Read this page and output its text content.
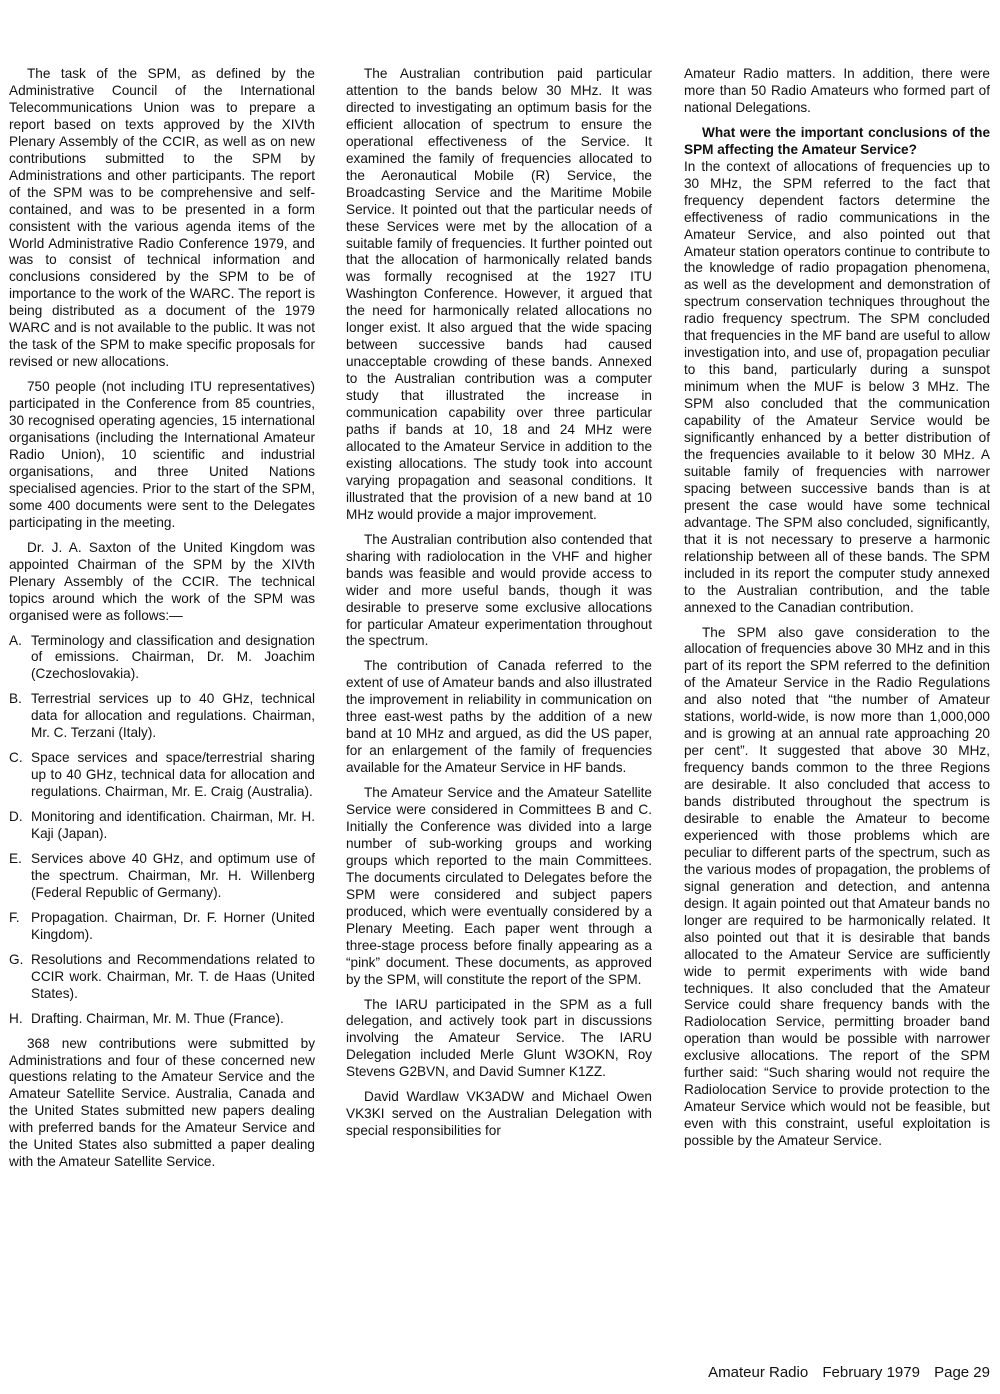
The task of the SPM, as defined by the Administrative Council of the International Telecommunications Union was to prepare a report based on texts approved by the XIVth Plenary Assembly of the CCIR, as well as on new contributions submitted to the SPM by Administrations and other participants. The report of the SPM was to be comprehensive and self-contained, and was to be presented in a form consistent with the various agenda items of the World Administrative Radio Conference 1979, and was to consist of technical information and conclusions considered by the SPM to be of importance to the work of the WARC. The report is being distributed as a document of the 1979 WARC and is not available to the public. It was not the task of the SPM to make specific proposals for revised or new allocations.

750 people (not including ITU representatives) participated in the Conference from 85 countries, 30 recognised operating agencies, 15 international organisations (including the International Amateur Radio Union), 10 scientific and industrial organisations, and three United Nations specialised agencies. Prior to the start of the SPM, some 400 documents were sent to the Delegates participating in the meeting.

Dr. J. A. Saxton of the United Kingdom was appointed Chairman of the SPM by the XIVth Plenary Assembly of the CCIR. The technical topics around which the work of the SPM was organised were as follows:—

A. Terminology and classification and designation of emissions. Chairman, Dr. M. Joachim (Czechoslovakia).
B. Terrestrial services up to 40 GHz, technical data for allocation and regulations. Chairman, Mr. C. Terzani (Italy).
C. Space services and space/terrestrial sharing up to 40 GHz, technical data for allocation and regulations. Chairman, Mr. E. Craig (Australia).
D. Monitoring and identification. Chairman, Mr. H. Kaji (Japan).
E. Services above 40 GHz, and optimum use of the spectrum. Chairman, Mr. H. Willenberg (Federal Republic of Germany).
F. Propagation. Chairman, Dr. F. Horner (United Kingdom).
G. Resolutions and Recommendations related to CCIR work. Chairman, Mr. T. de Haas (United States).
H. Drafting. Chairman, Mr. M. Thue (France).

368 new contributions were submitted by Administrations and four of these concerned new questions relating to the Amateur Service and the Amateur Satellite Service. Australia, Canada and the United States submitted new papers dealing with preferred bands for the Amateur Service and the United States also submitted a paper dealing with the Amateur Satellite Service.

The Australian contribution paid particular attention to the bands below 30 MHz. It was directed to investigating an optimum basis for the efficient allocation of spectrum to ensure the operational effectiveness of the Service. It examined the family of frequencies allocated to the Aeronautical Mobile (R) Service, the Broadcasting Service and the Maritime Mobile Service. It pointed out that the particular needs of these Services were met by the allocation of a suitable family of frequencies. It further pointed out that the allocation of harmonically related bands was formally recognised at the 1927 ITU Washington Conference. However, it argued that the need for harmonically related allocations no longer exist. It also argued that the wide spacing between successive bands had caused unacceptable crowding of these bands. Annexed to the Australian contribution was a computer study that illustrated the increase in communication capability over three particular paths if bands at 10, 18 and 24 MHz were allocated to the Amateur Service in addition to the existing allocations. The study took into account varying propagation and seasonal conditions. It illustrated that the provision of a new band at 10 MHz would provide a major improvement.

The Australian contribution also contended that sharing with radiolocation in the VHF and higher bands was feasible and would provide access to wider and more useful bands, though it was desirable to preserve some exclusive allocations for particular Amateur experimentation throughout the spectrum.

The contribution of Canada referred to the extent of use of Amateur bands and also illustrated the improvement in reliability in communication on three east-west paths by the addition of a new band at 10 MHz and argued, as did the US paper, for an enlargement of the family of frequencies available for the Amateur Service in HF bands.

The Amateur Service and the Amateur Satellite Service were considered in Committees B and C. Initially the Conference was divided into a large number of sub-working groups and working groups which reported to the main Committees. The documents circulated to Delegates before the SPM were considered and subject papers produced, which were eventually considered by a Plenary Meeting. Each paper went through a three-stage process before finally appearing as a “pink” document. These documents, as approved by the SPM, will constitute the report of the SPM.

The IARU participated in the SPM as a full delegation, and actively took part in discussions involving the Amateur Service. The IARU Delegation included Merle Glunt W3OKN, Roy Stevens G2BVN, and David Sumner K1ZZ.

David Wardlaw VK3ADW and Michael Owen VK3KI served on the Australian Delegation with special responsibilities for

Amateur Radio matters. In addition, there were more than 50 Radio Amateurs who formed part of national Delegations.

What were the important conclusions of the SPM affecting the Amateur Service?

In the context of allocations of frequencies up to 30 MHz, the SPM referred to the fact that frequency dependent factors determine the effectiveness of radio communications in the Amateur Service, and also pointed out that Amateur station operators continue to contribute to the knowledge of radio propagation phenomena, as well as the development and demonstration of spectrum conservation techniques throughout the radio frequency spectrum. The SPM concluded that frequencies in the MF band are useful to allow investigation into, and use of, propagation peculiar to this band, particularly during a sunspot minimum when the MUF is below 3 MHz. The SPM also concluded that the communication capability of the Amateur Service would be significantly enhanced by a better distribution of the frequencies available to it below 30 MHz. A suitable family of frequencies with narrower spacing between successive bands than is at present the case would have some technical advantage. The SPM also concluded, significantly, that it is not necessary to preserve a harmonic relationship between all of these bands. The SPM included in its report the computer study annexed to the Australian contribution, and the table annexed to the Canadian contribution.

The SPM also gave consideration to the allocation of frequencies above 30 MHz and in this part of its report the SPM referred to the definition of the Amateur Service in the Radio Regulations and also noted that “the number of Amateur stations, world-wide, is now more than 1,000,000 and is growing at an annual rate approaching 20 per cent”. It suggested that above 30 MHz, frequency bands common to the three Regions are desirable. It also concluded that access to bands distributed throughout the spectrum is desirable to enable the Amateur to become experienced with those problems which are peculiar to different parts of the spectrum, such as the various modes of propagation, the problems of signal generation and detection, and antenna design. It again pointed out that Amateur bands no longer are required to be harmonically related. It also pointed out that it is desirable that bands allocated to the Amateur Service are sufficiently wide to permit experiments with wide band techniques. It also concluded that the Amateur Service could share frequency bands with the Radiolocation Service, permitting broader band operation than would be possible with narrower exclusive allocations. The report of the SPM further said: “Such sharing would not require the Radiolocation Service to provide protection to the Amateur Service which would not be feasible, but even with this constraint, useful exploitation is possible by the Amateur Service.

Amateur Radio February 1979 Page 29
